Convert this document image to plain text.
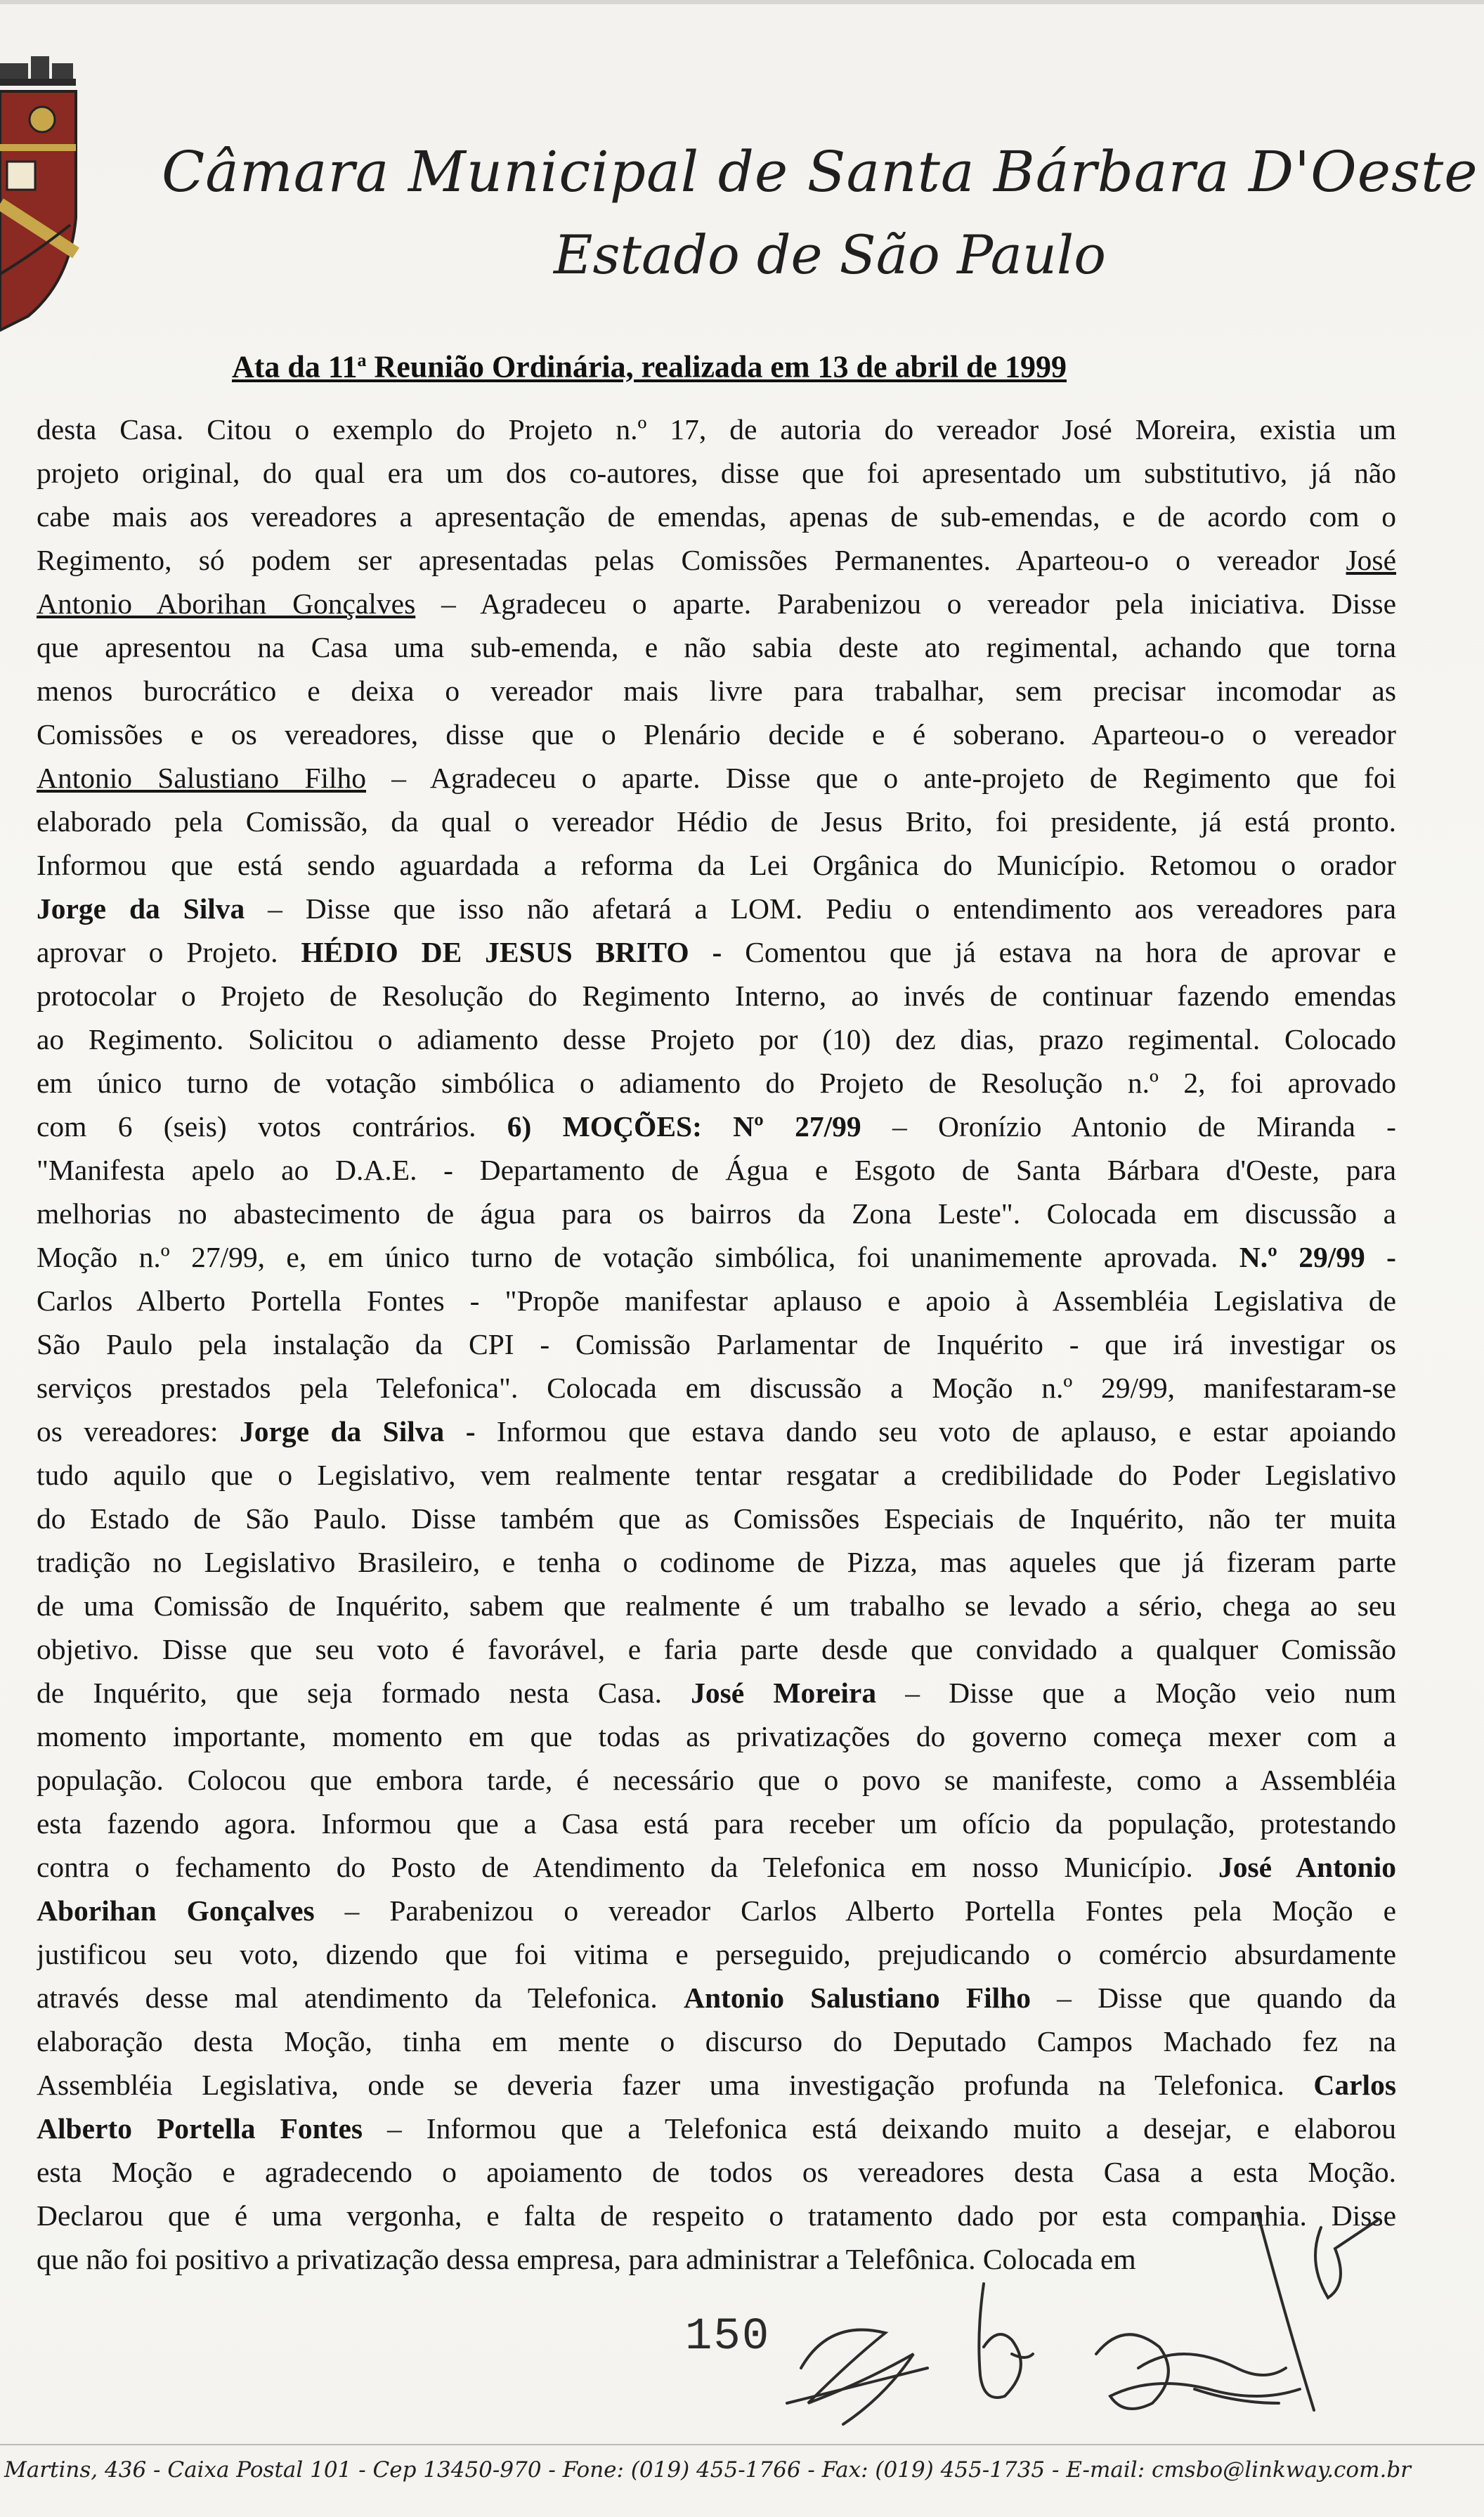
Câmara Municipal de Santa Bárbara D'Oeste
Estado de São Paulo
Ata da 11$^a$ Reunião Ordinária, realizada em 13 de abril de 1999
desta Casa. Citou o exemplo do Projeto n.º 17, de autoria do vereador José Moreira, existia um
projeto original, do qual era um dos co-autores, disse que foi apresentado um substitutivo, já não
cabe mais aos vereadores a apresentação de emendas, apenas de sub-emendas, e de acordo com o
Regimento, só podem ser apresentadas pelas Comissões Permanentes. Aparteou-o o vereador José
Antonio Aborihan Gonçalves – Agradeceu o aparte. Parabenizou o vereador pela iniciativa. Disse
que apresentou na Casa uma sub-emenda, e não sabia deste ato regimental, achando que torna
menos burocrático e deixa o vereador mais livre para trabalhar, sem precisar incomodar as
Comissões e os vereadores, disse que o Plenário decide e é soberano. Aparteou-o o vereador
Antonio Salustiano Filho – Agradeceu o aparte. Disse que o ante-projeto de Regimento que foi
elaborado pela Comissão, da qual o vereador Hédio de Jesus Brito, foi presidente, já está pronto.
Informou que está sendo aguardada a reforma da Lei Orgânica do Município. Retomou o orador
Jorge da Silva – Disse que isso não afetará a LOM. Pediu o entendimento aos vereadores para
aprovar o Projeto. HÉDIO DE JESUS BRITO - Comentou que já estava na hora de aprovar e
protocolar o Projeto de Resolução do Regimento Interno, ao invés de continuar fazendo emendas
ao Regimento. Solicitou o adiamento desse Projeto por (10) dez dias, prazo regimental. Colocado
em único turno de votação simbólica o adiamento do Projeto de Resolução n.º 2, foi aprovado
com 6 (seis) votos contrários. 6) MOÇÕES: Nº 27/99 – Oronízio Antonio de Miranda -
"Manifesta apelo ao D.A.E. - Departamento de Água e Esgoto de Santa Bárbara d'Oeste, para
melhorias no abastecimento de água para os bairros da Zona Leste". Colocada em discussão a
Moção n.º 27/99, e, em único turno de votação simbólica, foi unanimemente aprovada. N.º 29/99 -
Carlos Alberto Portella Fontes - "Propõe manifestar aplauso e apoio à Assembléia Legislativa de
São Paulo pela instalação da CPI - Comissão Parlamentar de Inquérito - que irá investigar os
serviços prestados pela Telefonica". Colocada em discussão a Moção n.º 29/99, manifestaram-se
os vereadores: Jorge da Silva - Informou que estava dando seu voto de aplauso, e estar apoiando
tudo aquilo que o Legislativo, vem realmente tentar resgatar a credibilidade do Poder Legislativo
do Estado de São Paulo. Disse também que as Comissões Especiais de Inquérito, não ter muita
tradição no Legislativo Brasileiro, e tenha o codinome de Pizza, mas aqueles que já fizeram parte
de uma Comissão de Inquérito, sabem que realmente é um trabalho se levado a sério, chega ao seu
objetivo. Disse que seu voto é favorável, e faria parte desde que convidado a qualquer Comissão
de Inquérito, que seja formado nesta Casa. José Moreira – Disse que a Moção veio num
momento importante, momento em que todas as privatizações do governo começa mexer com a
população. Colocou que embora tarde, é necessário que o povo se manifeste, como a Assembléia
esta fazendo agora. Informou que a Casa está para receber um ofício da população, protestando
contra o fechamento do Posto de Atendimento da Telefonica em nosso Município. José Antonio
Aborihan Gonçalves – Parabenizou o vereador Carlos Alberto Portella Fontes pela Moção e
justificou seu voto, dizendo que foi vitima e perseguido, prejudicando o comércio absurdamente
através desse mal atendimento da Telefonica. Antonio Salustiano Filho – Disse que quando da
elaboração desta Moção, tinha em mente o discurso do Deputado Campos Machado fez na
Assembléia Legislativa, onde se deveria fazer uma investigação profunda na Telefonica. Carlos
Alberto Portella Fontes – Informou que a Telefonica está deixando muito a desejar, e elaborou
esta Moção e agradecendo o apoiamento de todos os vereadores desta Casa a esta Moção.
Declarou que é uma vergonha, e falta de respeito o tratamento dado por esta companhia. Disse
que não foi positivo a privatização dessa empresa, para administrar a Telefônica. Colocada em
150
Martins, 436 - Caixa Postal 101 - Cep 13450-970 - Fone: (019) 455-1766 - Fax: (019) 455-1735 - E-mail: cmsbo@linkway.com.br
